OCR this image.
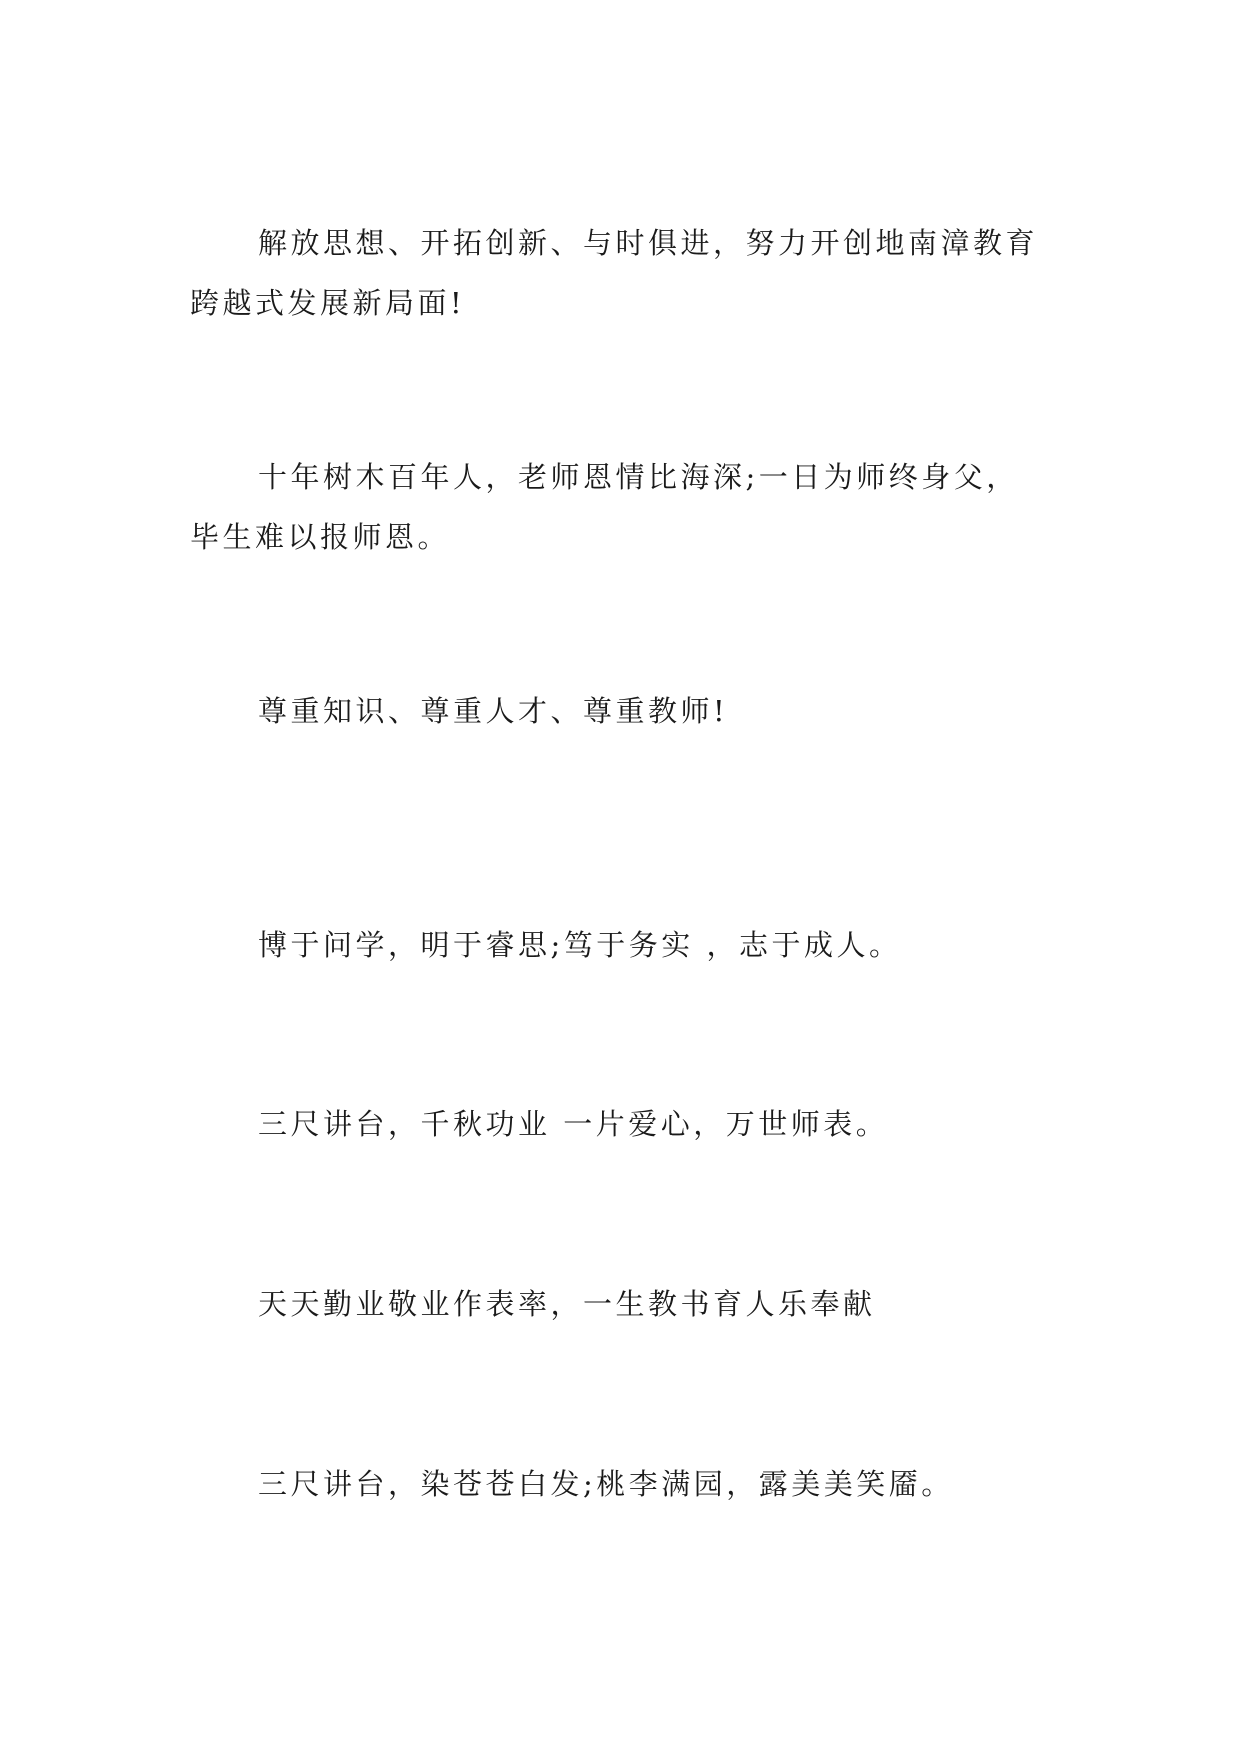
解放思想、开拓创新、与时俱进，努力开创地南漳教育跨越式发展新局面!

十年树木百年人，老师恩情比海深;一日为师终身父，毕生难以报师恩。

尊重知识、尊重人才、尊重教师!

博于问学，明于睿思;笃于务实 ，志于成人。

三尺讲台，千秋功业 一片爱心，万世师表。

天天勤业敬业作表率，一生教书育人乐奉献

三尺讲台，染苍苍白发;桃李满园，露美美笑靥。
